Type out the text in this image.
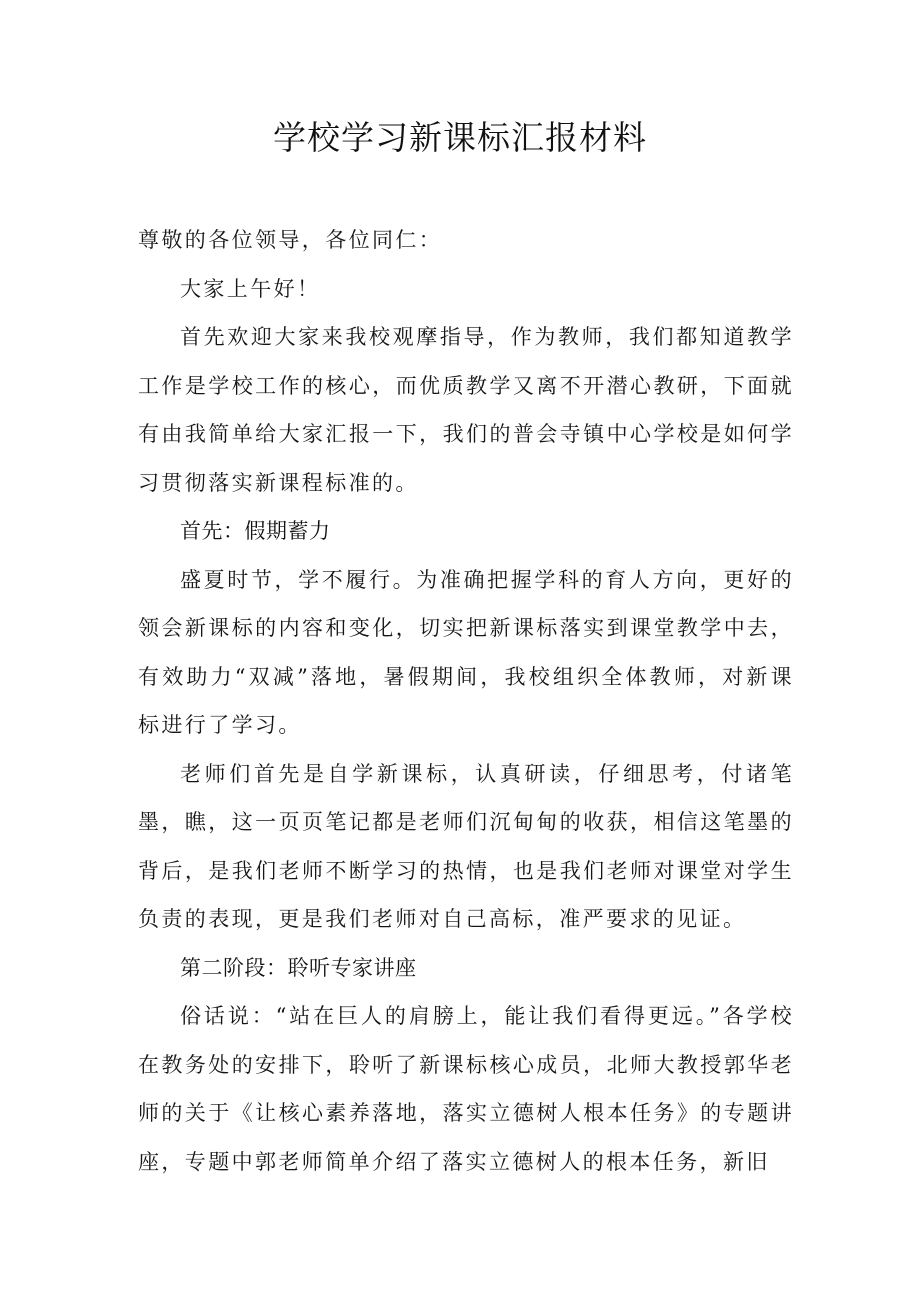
学校学习新课标汇报材料

尊敬的各位领导，各位同仁：

大家上午好！

首先欢迎大家来我校观摩指导，作为教师，我们都知道教学工作是学校工作的核心，而优质教学又离不开潜心教研，下面就有由我简单给大家汇报一下，我们的普会寺镇中心学校是如何学习贯彻落实新课程标准的。

首先：假期蓄力

盛夏时节，学不履行。为准确把握学科的育人方向，更好的领会新课标的内容和变化，切实把新课标落实到课堂教学中去，有效助力“双减”落地，暑假期间，我校组织全体教师，对新课标进行了学习。

老师们首先是自学新课标，认真研读，仔细思考，付诸笔墨，瞧，这一页页笔记都是老师们沉甸甸的收获，相信这笔墨的背后，是我们老师不断学习的热情，也是我们老师对课堂对学生负责的表现，更是我们老师对自己高标，准严要求的见证。

第二阶段：聆听专家讲座

俗话说：“站在巨人的肩膀上，能让我们看得更远。”各学校在教务处的安排下，聆听了新课标核心成员，北师大教授郭华老师的关于《让核心素养落地，落实立德树人根本任务》的专题讲座，专题中郭老师简单介绍了落实立德树人的根本任务，新旧
